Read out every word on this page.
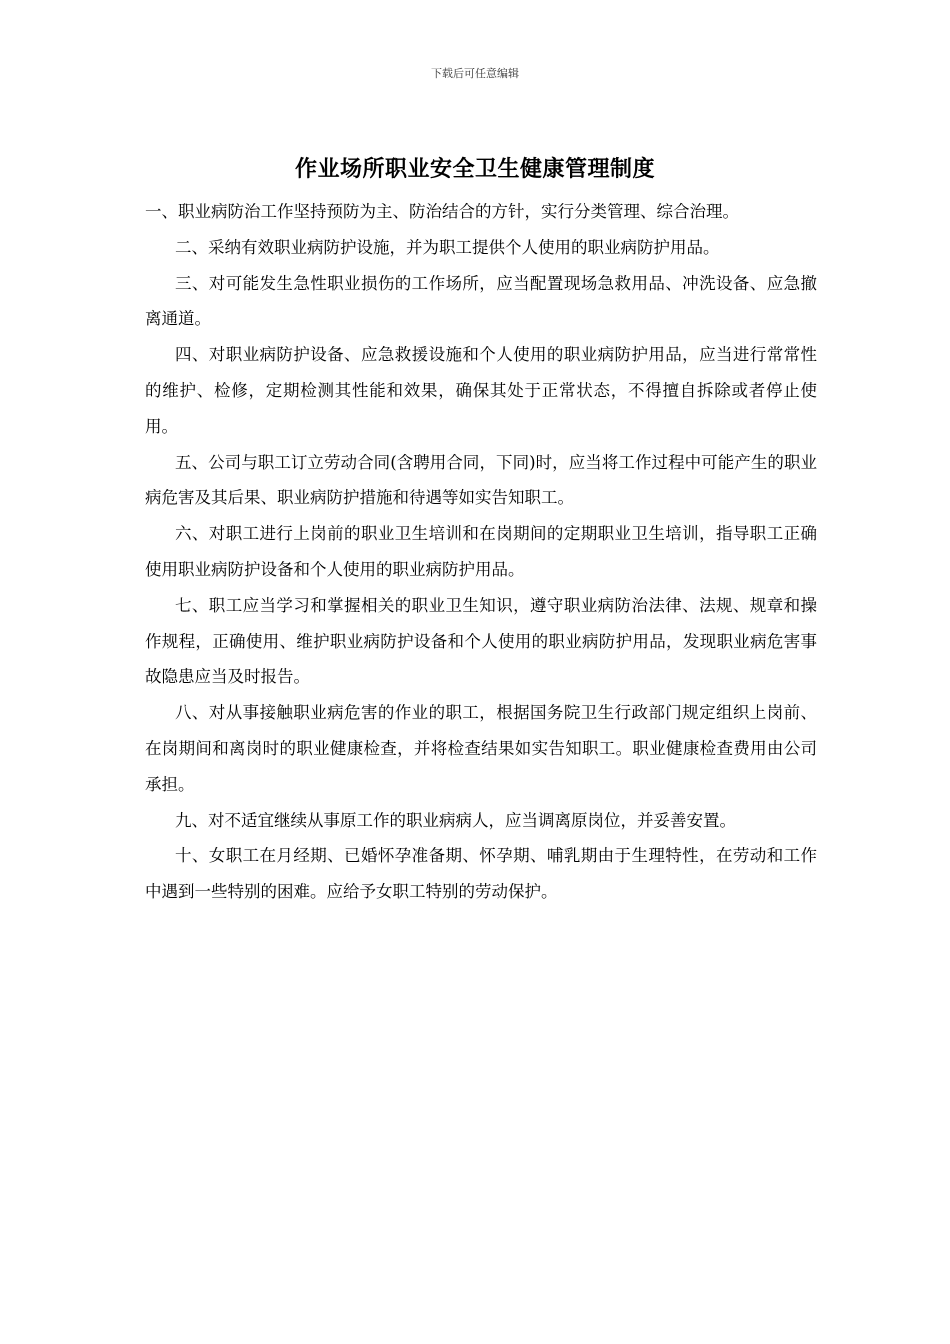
下载后可任意编辑
作业场所职业安全卫生健康管理制度

一、职业病防治工作坚持预防为主、防治结合的方针，实行分类管理、综合治理。

二、采纳有效职业病防护设施，并为职工提供个人使用的职业病防护用品。

三、对可能发生急性职业损伤的工作场所，应当配置现场急救用品、冲洗设备、应急撤离通道。

四、对职业病防护设备、应急救援设施和个人使用的职业病防护用品，应当进行常常性的维护、检修，定期检测其性能和效果，确保其处于正常状态，不得擅自拆除或者停止使用。

五、公司与职工订立劳动合同(含聘用合同，下同)时，应当将工作过程中可能产生的职业病危害及其后果、职业病防护措施和待遇等如实告知职工。

六、对职工进行上岗前的职业卫生培训和在岗期间的定期职业卫生培训，指导职工正确使用职业病防护设备和个人使用的职业病防护用品。

七、职工应当学习和掌握相关的职业卫生知识，遵守职业病防治法律、法规、规章和操作规程，正确使用、维护职业病防护设备和个人使用的职业病防护用品，发现职业病危害事故隐患应当及时报告。

八、对从事接触职业病危害的作业的职工，根据国务院卫生行政部门规定组织上岗前、在岗期间和离岗时的职业健康检查，并将检查结果如实告知职工。职业健康检查费用由公司承担。

九、对不适宜继续从事原工作的职业病病人，应当调离原岗位，并妥善安置。

十、女职工在月经期、已婚怀孕准备期、怀孕期、哺乳期由于生理特性，在劳动和工作中遇到一些特别的困难。应给予女职工特别的劳动保护。
